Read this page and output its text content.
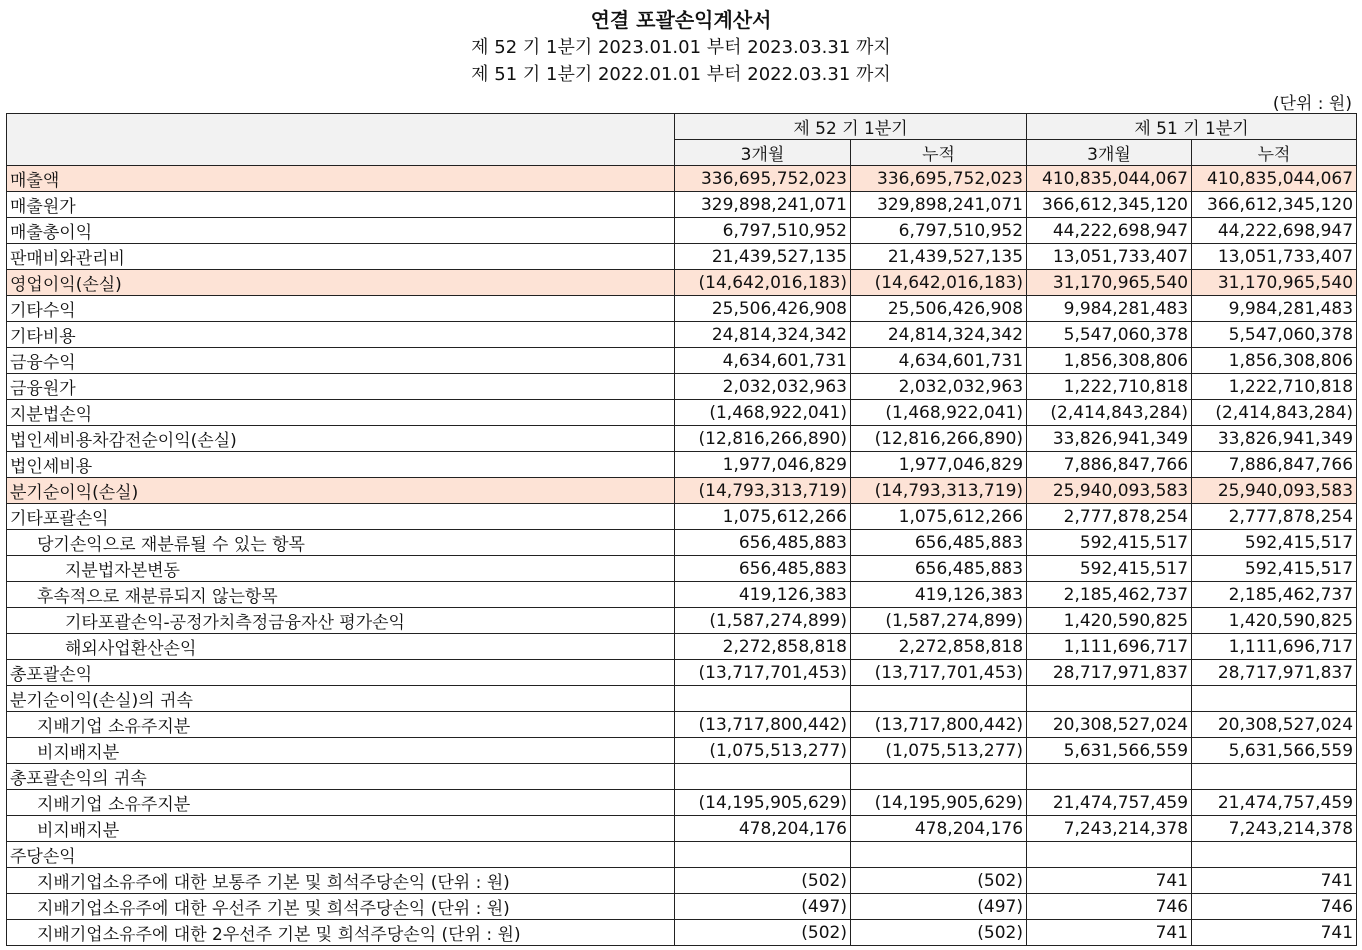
연결 포괄손익계산서
제 52 기 1분기 2023.01.01 부터 2023.03.31 까지
제 51 기 1분기 2022.01.01 부터 2022.03.31 까지
(단위 : 원)
	제 52 기 1분기		제 51 기 1분기	
	3개월	누적	3개월	누적
매출액	336,695,752,023	336,695,752,023	410,835,044,067	410,835,044,067
매출원가	329,898,241,071	329,898,241,071	366,612,345,120	366,612,345,120
매출총이익	6,797,510,952	6,797,510,952	44,222,698,947	44,222,698,947
판매비와관리비	21,439,527,135	21,439,527,135	13,051,733,407	13,051,733,407
영업이익(손실)	(14,642,016,183)	(14,642,016,183)	31,170,965,540	31,170,965,540
기타수익	25,506,426,908	25,506,426,908	9,984,281,483	9,984,281,483
기타비용	24,814,324,342	24,814,324,342	5,547,060,378	5,547,060,378
금융수익	4,634,601,731	4,634,601,731	1,856,308,806	1,856,308,806
금융원가	2,032,032,963	2,032,032,963	1,222,710,818	1,222,710,818
지분법손익	(1,468,922,041)	(1,468,922,041)	(2,414,843,284)	(2,414,843,284)
법인세비용차감전순이익(손실)	(12,816,266,890)	(12,816,266,890)	33,826,941,349	33,826,941,349
법인세비용	1,977,046,829	1,977,046,829	7,886,847,766	7,886,847,766
분기순이익(손실)	(14,793,313,719)	(14,793,313,719)	25,940,093,583	25,940,093,583
기타포괄손익	1,075,612,266	1,075,612,266	2,777,878,254	2,777,878,254
당기손익으로 재분류될 수 있는 항목	656,485,883	656,485,883	592,415,517	592,415,517
지분법자본변동	656,485,883	656,485,883	592,415,517	592,415,517
후속적으로 재분류되지 않는항목	419,126,383	419,126,383	2,185,462,737	2,185,462,737
기타포괄손익-공정가치측정금융자산 평가손익	(1,587,274,899)	(1,587,274,899)	1,420,590,825	1,420,590,825
해외사업환산손익	2,272,858,818	2,272,858,818	1,111,696,717	1,111,696,717
총포괄손익	(13,717,701,453)	(13,717,701,453)	28,717,971,837	28,717,971,837
분기순이익(손실)의 귀속				
지배기업 소유주지분	(13,717,800,442)	(13,717,800,442)	20,308,527,024	20,308,527,024
비지배지분	(1,075,513,277)	(1,075,513,277)	5,631,566,559	5,631,566,559
총포괄손익의 귀속				
지배기업 소유주지분	(14,195,905,629)	(14,195,905,629)	21,474,757,459	21,474,757,459
비지배지분	478,204,176	478,204,176	7,243,214,378	7,243,214,378
주당손익				
지배기업소유주에 대한 보통주 기본 및 희석주당손익 (단위 : 원)	(502)	(502)	741	741
지배기업소유주에 대한 우선주 기본 및 희석주당손익 (단위 : 원)	(497)	(497)	746	746
지배기업소유주에 대한 2우선주 기본 및 희석주당손익 (단위 : 원)	(502)	(502)	741	741
